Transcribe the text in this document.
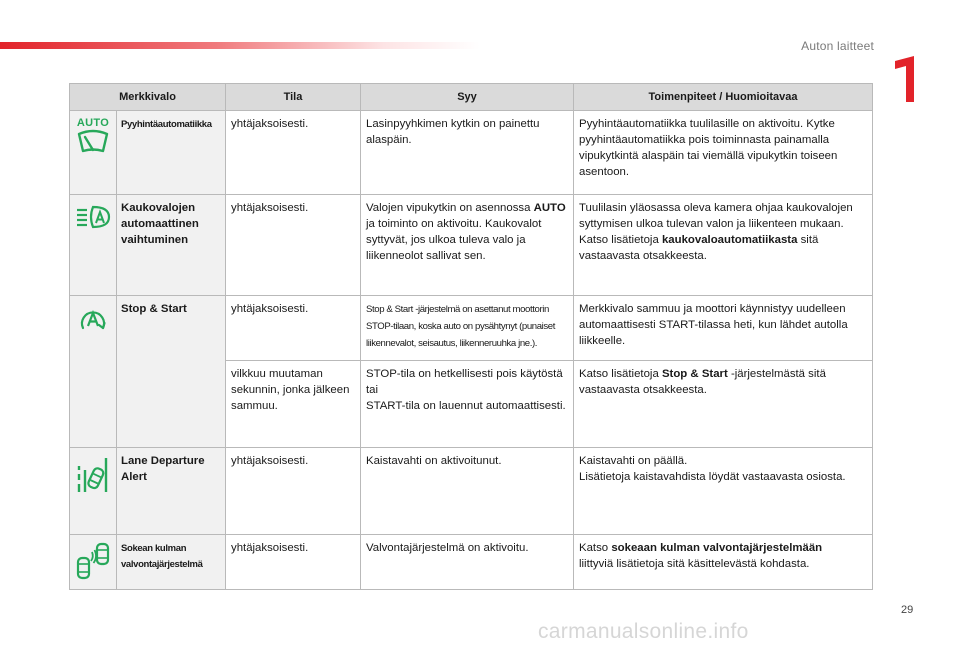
Auton laitteet
1
Merkkivalo		Tila	Syy	Toimenpiteet / Huomioitavaa

AUTO	Pyyhintäautomatiikka	yhtäjaksoisesti.	Lasinpyyhkimen kytkin on painettu alaspäin.	Pyyhintäautomatiikka tuulilasille on aktivoitu. Kytke pyyhintäautomatiikka pois toiminnasta painamalla vipukytkintä alaspäin tai viemällä vipukytkin toiseen asentoon.

	Kaukovalojen automaattinen vaihtuminen	yhtäjaksoisesti.	Valojen vipukytkin on asennossa AUTO ja toiminto on aktivoitu. Kaukovalot syttyvät, jos ulkoa tuleva valo ja liikenneolot sallivat sen.	Tuulilasin yläosassa oleva kamera ohjaa kaukovalojen syttymisen ulkoa tulevan valon ja liikenteen mukaan. Katso lisätietoja kaukovaloautomatiikasta sitä vastaavasta otsakkeesta.

	Stop & Start	yhtäjaksoisesti.	Stop & Start -järjestelmä on asettanut moottorin STOP-tilaan, koska auto on pysähtynyt (punaiset liikennevalot, seisautus, liikenneruuhka jne.).	Merkkivalo sammuu ja moottori käynnistyy uudelleen automaattisesti START-tilassa heti, kun lähdet autolla liikkeelle.
		vilkkuu muutaman sekunnin, jonka jälkeen sammuu.	STOP-tila on hetkellisesti pois käytöstä
tai
START-tila on lauennut automaattisesti.	Katso lisätietoja Stop & Start -järjestelmästä sitä vastaavasta otsakkeesta.

	Lane Departure Alert	yhtäjaksoisesti.	Kaistavahti on aktivoitunut.	Kaistavahti on päällä.
Lisätietoja kaistavahdista löydät vastaavasta osiosta.

	Sokean kulman valvontajärjestelmä	yhtäjaksoisesti.	Valvontajärjestelmä on aktivoitu.	Katso sokeaan kulman valvontajärjestelmään
liittyviä lisätietoja sitä käsittelevästä kohdasta.
29
carmanualsonline.info
